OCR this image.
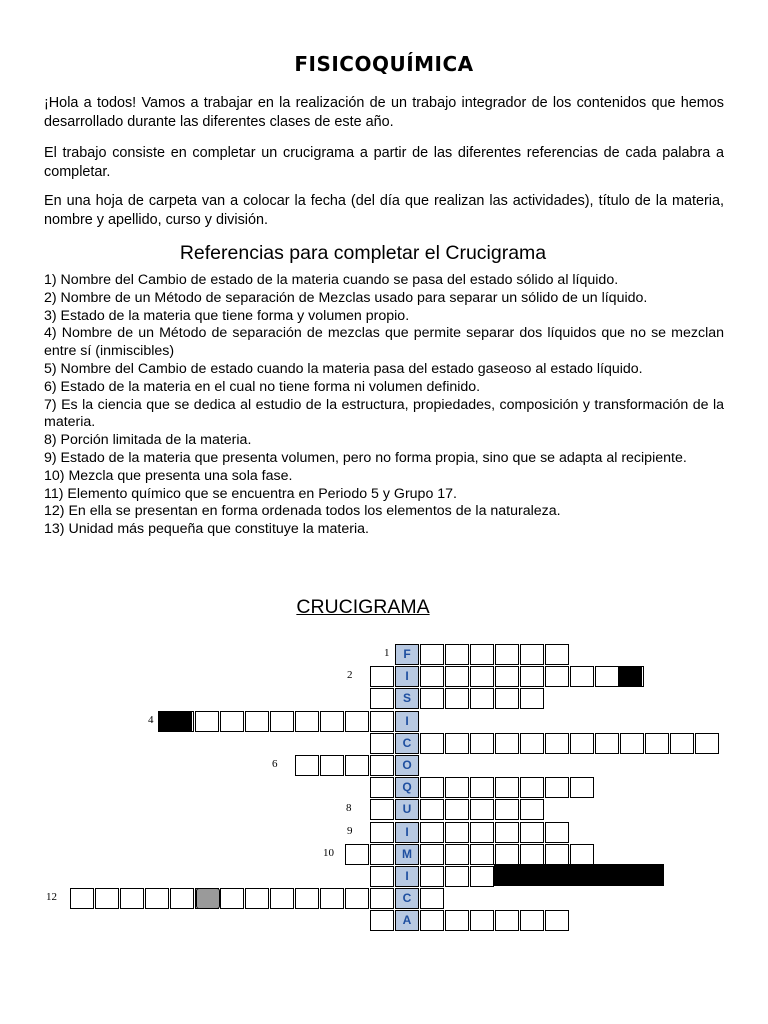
FISICOQUÍMICA

¡Hola a todos! Vamos a trabajar en la realización de un trabajo integrador de los contenidos que hemos desarrollado durante las diferentes clases de este año.

El trabajo consiste en completar un crucigrama a partir de las diferentes referencias de cada palabra a completar.

En una hoja de carpeta van a colocar la fecha (del día que realizan las actividades), título de la materia, nombre y apellido, curso y división.

Referencias para completar el Crucigrama
1) Nombre del Cambio de estado de la materia cuando se pasa del estado sólido al líquido.
2) Nombre de un Método de separación de Mezclas usado para separar un sólido de un líquido.
3) Estado de la materia que tiene forma y volumen propio.
4) Nombre de un Método de separación de mezclas que permite separar dos líquidos que no se mezclan entre sí (inmiscibles)
5) Nombre del Cambio de estado cuando la materia pasa del estado gaseoso al estado líquido.
6) Estado de la materia en el cual no tiene forma ni volumen definido.
7) Es la ciencia que se dedica al estudio de la estructura, propiedades, composición y transformación de la materia.
8) Porción limitada de la materia.
9) Estado de la materia que presenta volumen, pero no forma propia, sino que se adapta al recipiente.
10) Mezcla que presenta una sola fase.
11) Elemento químico que se encuentra en Periodo 5 y Grupo 17.
12) En ella se presentan en forma ordenada todos los elementos de la naturaleza.
13) Unidad más pequeña que constituye la materia.
CRUCIGRAMA
1	F
2	I
S
4	I
C
6	O
Q
8	U
9	I
10	M
I
12	C
A
